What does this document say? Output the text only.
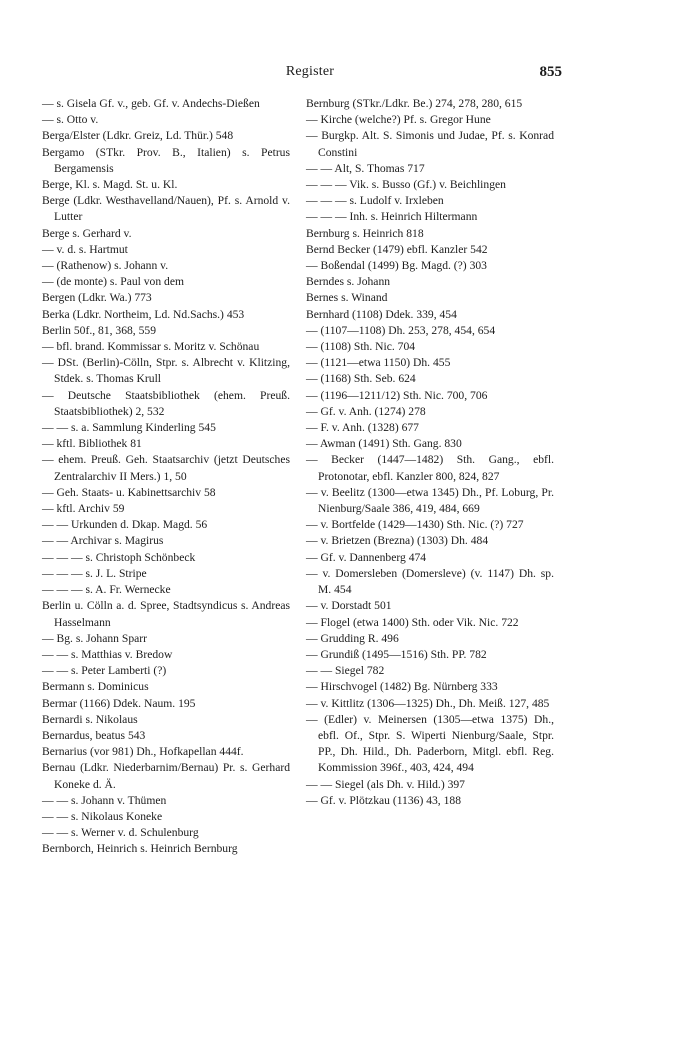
Register	855

— s. Gisela Gf. v., geb. Gf. v. Andechs-Dießen

— s. Otto v.

Berga/Elster (Ldkr. Greiz, Ld. Thür.) 548

Bergamo (STkr. Prov. B., Italien) s. Petrus Bergamensis

Berge, Kl. s. Magd. St. u. Kl.

Berge (Ldkr. Westhavelland/Nauen), Pf. s. Arnold v. Lutter

Berge s. Gerhard v.

— v. d. s. Hartmut

— (Rathenow) s. Johann v.

— (de monte) s. Paul von dem

Bergen (Ldkr. Wa.) 773

Berka (Ldkr. Northeim, Ld. Nd.Sachs.) 453

Berlin 50f., 81, 368, 559

— bfl. brand. Kommissar s. Moritz v. Schönau

— DSt. (Berlin)-Cölln, Stpr. s. Albrecht v. Klitzing, Stdek. s. Thomas Krull

— Deutsche Staatsbibliothek (ehem. Preuß. Staatsbibliothek) 2, 532

— — s. a. Sammlung Kinderling 545

— kftl. Bibliothek 81

— ehem. Preuß. Geh. Staatsarchiv (jetzt Deutsches Zentralarchiv II Mers.) 1, 50

— Geh. Staats- u. Kabinettsarchiv 58

— kftl. Archiv 59

— — Urkunden d. Dkap. Magd. 56

— — Archivar s. Magirus

— — — s. Christoph Schönbeck

— — — s. J. L. Stripe

— — — s. A. Fr. Wernecke

Berlin u. Cölln a. d. Spree, Stadtsyndicus s. Andreas Hasselmann

— Bg. s. Johann Sparr

— — s. Matthias v. Bredow

— — s. Peter Lamberti (?)

Bermann s. Dominicus

Bermar (1166) Ddek. Naum. 195

Bernardi s. Nikolaus

Bernardus, beatus 543

Bernarius (vor 981) Dh., Hofkapellan 444f.

Bernau (Ldkr. Niederbarnim/Bernau) Pr. s. Gerhard Koneke d. Ä.

— — s. Johann v. Thümen

— — s. Nikolaus Koneke

— — s. Werner v. d. Schulenburg

Bernborch, Heinrich s. Heinrich Bernburg

Bernburg (STkr./Ldkr. Be.) 274, 278, 280, 615

— Kirche (welche?) Pf. s. Gregor Hune

— Burgkp. Alt. S. Simonis und Judae, Pf. s. Konrad Constini

— — Alt, S. Thomas 717

— — — Vik. s. Busso (Gf.) v. Beichlingen

— — — s. Ludolf v. Irxleben

— — — Inh. s. Heinrich Hiltermann

Bernburg s. Heinrich 818

Bernd Becker (1479) ebfl. Kanzler 542

— Boßendal (1499) Bg. Magd. (?) 303

Berndes s. Johann

Bernes s. Winand

Bernhard (1108) Ddek. 339, 454

— (1107—1108) Dh. 253, 278, 454, 654

— (1108) Sth. Nic. 704

— (1121—etwa 1150) Dh. 455

— (1168) Sth. Seb. 624

— (1196—1211/12) Sth. Nic. 700, 706

— Gf. v. Anh. (1274) 278

— F. v. Anh. (1328) 677

— Awman (1491) Sth. Gang. 830

— Becker (1447—1482) Sth. Gang., ebfl. Protonotar, ebfl. Kanzler 800, 824, 827

— v. Beelitz (1300—etwa 1345) Dh., Pf. Loburg, Pr. Nienburg/Saale 386, 419, 484, 669

— v. Bortfelde (1429—1430) Sth. Nic. (?) 727

— v. Brietzen (Brezna) (1303) Dh. 484

— Gf. v. Dannenberg 474

— v. Domersleben (Domersleve) (v. 1147) Dh. sp. M. 454

— v. Dorstadt 501

— Flogel (etwa 1400) Sth. oder Vik. Nic. 722

— Grudding R. 496

— Grundiß (1495—1516) Sth. PP. 782

— — Siegel 782

— Hirschvogel (1482) Bg. Nürnberg 333

— v. Kittlitz (1306—1325) Dh., Dh. Meiß. 127, 485

— (Edler) v. Meinersen (1305—etwa 1375) Dh., ebfl. Of., Stpr. S. Wiperti Nienburg/Saale, Stpr. PP., Dh. Hild., Dh. Paderborn, Mitgl. ebfl. Reg. Kommission 396f., 403, 424, 494

— — Siegel (als Dh. v. Hild.) 397

— Gf. v. Plötzkau (1136) 43, 188
